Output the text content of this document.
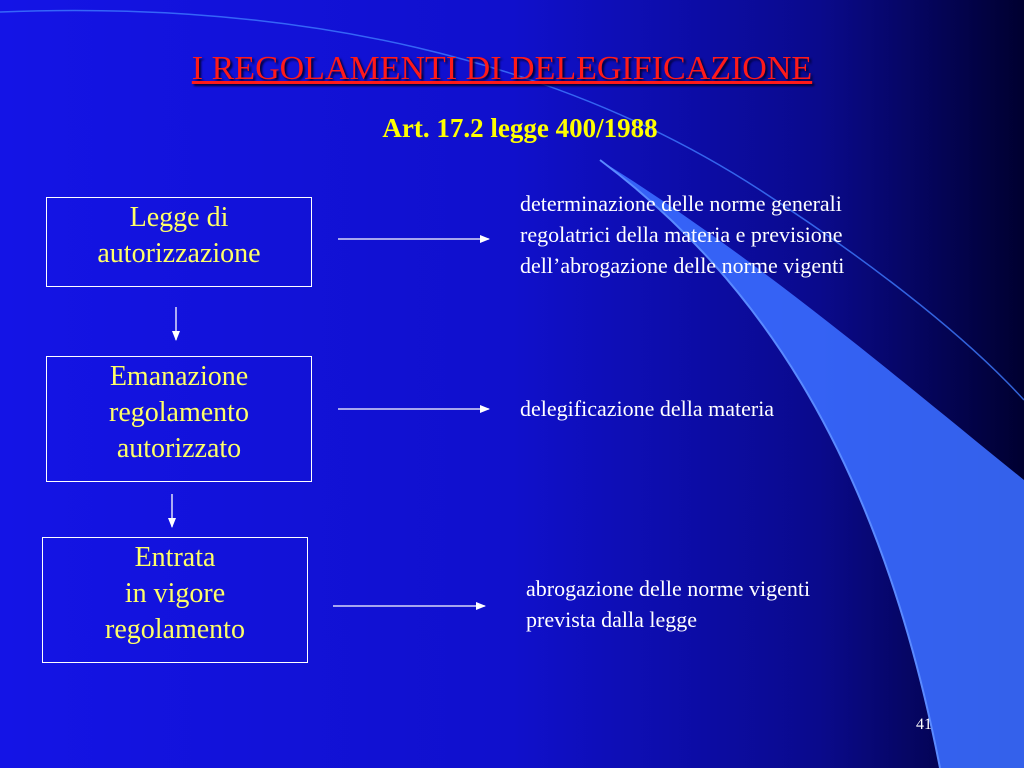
I REGOLAMENTI DI DELEGIFICAZIONE
Art. 17.2 legge 400/1988
Legge di
autorizzazione
determinazione delle norme generali
regolatrici della materia e previsione
dell’abrogazione delle norme vigenti
Emanazione
regolamento
autorizzato
delegificazione della materia
Entrata
in vigore
regolamento
abrogazione delle norme vigenti
prevista dalla legge
41
